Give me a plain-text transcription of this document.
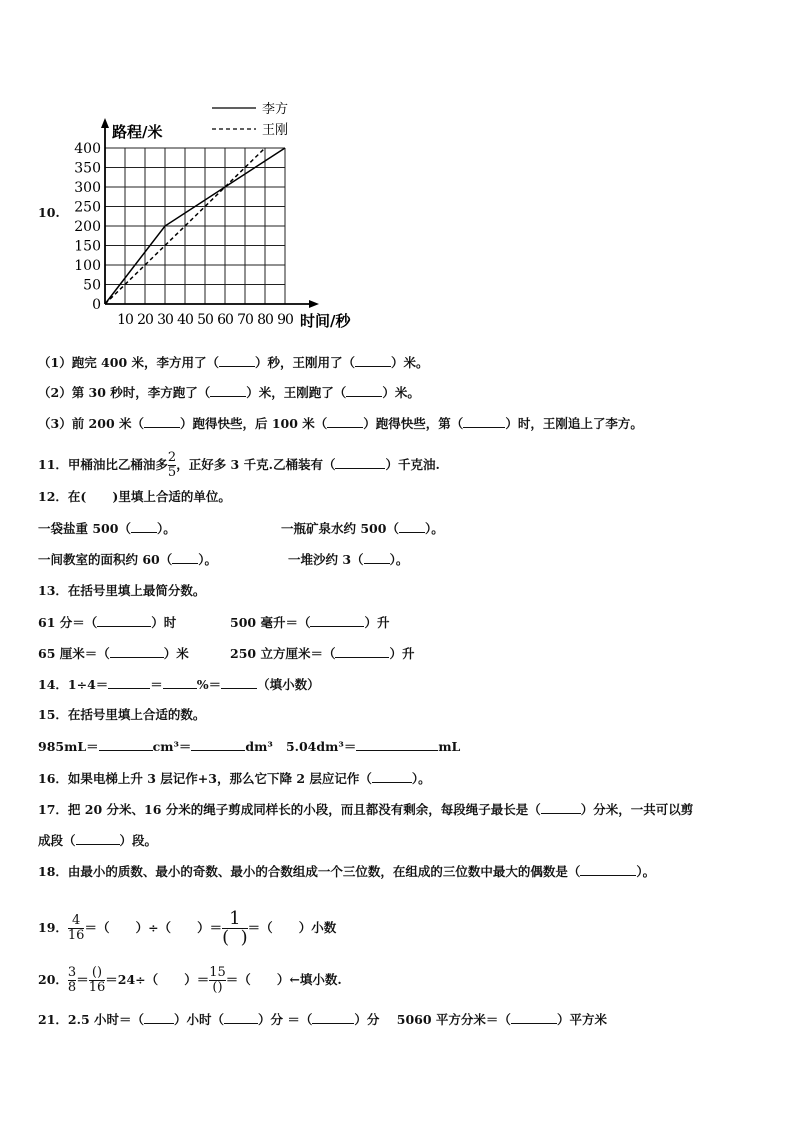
10.
0
50
100
150
200
250
300
350
400
10 20 30 40 50 60 70 80 90
李方
王刚
路程/米
时间/秒
（1）跑完 400 米，李方用了（	）秒，王刚用了（	）米。
（2）第 30 秒时，李方跑了（	）米，王刚跑了（	）米。
（3）前 200 米（	）跑得快些，后 100 米（	）跑得快些，第（	）时，王刚追上了李方。
11．甲桶油比乙桶油多 $\frac{2}{5}$ ，正好多 3 千克.乙桶装有（	）千克油.
12．在(      )里填上合适的单位。
一袋盐重 500（ ）。	一瓶矿泉水约 500（ ）。
一间教室的面积约 60（ ）。	一堆沙约 3（ ）。
13．在括号里填上最简分数。
61 分＝（	）时	500 毫升＝（	）升
65 厘米＝（	）米	250 立方厘米＝（	）升
14．1÷4＝	＝	%＝	（填小数）
15．在括号里填上合适的数。
985mL＝	cm³＝	dm³ 5.04dm³＝	mL
16．如果电梯上升 3 层记作+3，那么它下降 2 层应记作（	）。
17．把 20 分米、16 分米的绳子剪成同样长的小段，而且都没有剩余，每段绳子最长是（	）分米，一共可以剪
成段（	）段。
18．由最小的质数、最小的奇数、最小的合数组成一个三位数，在组成的三位数中最大的偶数是（	）。
19． $\frac{4}{16}$ ＝（      ）÷（      ）＝ $\frac{1}{( )}$ ＝（      ）小数
20． $\frac{3}{8} = \frac{()}{16} =24\div$（      ）＝ $\frac{15}{()}$ ＝（      ）←填小数.
21．2.5 小时＝（ ）小时（	）分 ＝（	）分    5060 平方分米＝（	）平方米
